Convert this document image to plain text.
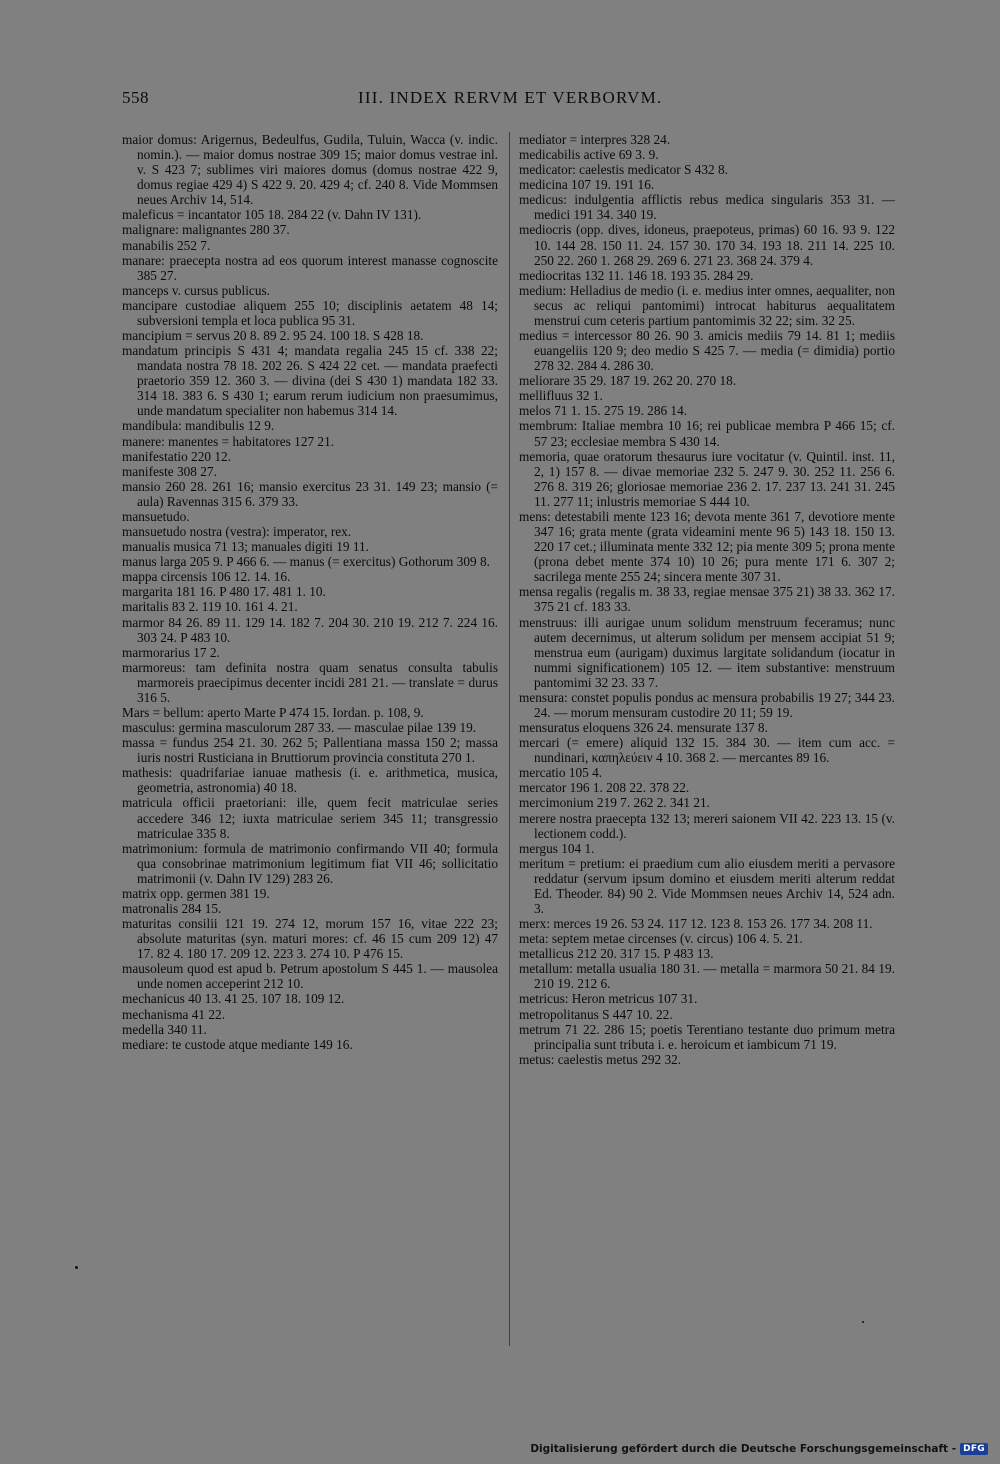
558	III. INDEX RERVM ET VERBORVM.

maior domus: Arigernus, Bedeulfus, Gudila, Tuluin, Wacca (v. indic. nomin.). — maior domus nostrae 309 15; maior domus vestrae inl. v. S 423 7; sublimes viri maiores domus (domus nostrae 422 9, domus regiae 429 4) S 422 9. 20. 429 4; cf. 240 8. Vide Mommsen neues Archiv 14, 514.

maleficus = incantator 105 18. 284 22 (v. Dahn IV 131).

malignare: malignantes 280 37.

manabilis 252 7.

manare: praecepta nostra ad eos quorum interest manasse cognoscite 385 27.

manceps v. cursus publicus.

mancipare custodiae aliquem 255 10; disciplinis aetatem 48 14; subversioni templa et loca publica 95 31.

mancipium = servus 20 8. 89 2. 95 24. 100 18. S 428 18.

mandatum principis S 431 4; mandata regalia 245 15 cf. 338 22; mandata nostra 78 18. 202 26. S 424 22 cet. — mandata praefecti praetorio 359 12. 360 3. — divina (dei S 430 1) mandata 182 33. 314 18. 383 6. S 430 1; earum rerum iudicium non praesumimus, unde mandatum specialiter non habemus 314 14.

mandibula: mandibulis 12 9.

manere: manentes = habitatores 127 21.

manifestatio 220 12.

manifeste 308 27.

mansio 260 28. 261 16; mansio exercitus 23 31. 149 23; mansio (= aula) Ravennas 315 6. 379 33.

mansuetudo.

mansuetudo nostra (vestra): imperator, rex.

manualis musica 71 13; manuales digiti 19 11.

manus larga 205 9. P 466 6. — manus (= exercitus) Gothorum 309 8.

mappa circensis 106 12. 14. 16.

margarita 181 16. P 480 17. 481 1. 10.

maritalis 83 2. 119 10. 161 4. 21.

marmor 84 26. 89 11. 129 14. 182 7. 204 30. 210 19. 212 7. 224 16. 303 24. P 483 10.

marmorarius 17 2.

marmoreus: tam definita nostra quam senatus consulta tabulis marmoreis praecipimus decenter incidi 281 21. — translate = durus 316 5.

Mars = bellum: aperto Marte P 474 15. Iordan. p. 108, 9.

masculus: germina masculorum 287 33. — masculae pilae 139 19.

massa = fundus 254 21. 30. 262 5; Pallentiana massa 150 2; massa iuris nostri Rusticiana in Bruttiorum provincia constituta 270 1.

mathesis: quadrifariae ianuae mathesis (i. e. arithmetica, musica, geometria, astronomia) 40 18.

matricula officii praetoriani: ille, quem fecit matriculae series accedere 346 12; iuxta matriculae seriem 345 11; transgressio matriculae 335 8.

matrimonium: formula de matrimonio confirmando VII 40; formula qua consobrinae matrimonium legitimum fiat VII 46; sollicitatio matrimonii (v. Dahn IV 129) 283 26.

matrix opp. germen 381 19.

matronalis 284 15.

maturitas consilii 121 19. 274 12, morum 157 16, vitae 222 23; absolute maturitas (syn. maturi mores: cf. 46 15 cum 209 12) 47 17. 82 4. 180 17. 209 12. 223 3. 274 10. P 476 15.

mausoleum quod est apud b. Petrum apostolum S 445 1. — mausolea unde nomen acceperint 212 10.

mechanicus 40 13. 41 25. 107 18. 109 12.

mechanisma 41 22.

medella 340 11.

mediare: te custode atque mediante 149 16.

mediator = interpres 328 24.

medicabilis active 69 3. 9.

medicator: caelestis medicator S 432 8.

medicina 107 19. 191 16.

medicus: indulgentia afflictis rebus medica singularis 353 31. — medici 191 34. 340 19.

mediocris (opp. dives, idoneus, praepoteus, primas) 60 16. 93 9. 122 10. 144 28. 150 11. 24. 157 30. 170 34. 193 18. 211 14. 225 10. 250 22. 260 1. 268 29. 269 6. 271 23. 368 24. 379 4.

mediocritas 132 11. 146 18. 193 35. 284 29.

medium: Helladius de medio (i. e. medius inter omnes, aequaliter, non secus ac reliqui pantomimi) introcat habiturus aequalitatem menstrui cum ceteris partium pantomimis 32 22; sim. 32 25.

medius = intercessor 80 26. 90 3. amicis mediis 79 14. 81 1; mediis euangeliis 120 9; deo medio S 425 7. — media (= dimidia) portio 278 32. 284 4. 286 30.

meliorare 35 29. 187 19. 262 20. 270 18.

mellifluus 32 1.

melos 71 1. 15. 275 19. 286 14.

membrum: Italiae membra 10 16; rei publicae membra P 466 15; cf. 57 23; ecclesiae membra S 430 14.

memoria, quae oratorum thesaurus iure vocitatur (v. Quintil. inst. 11, 2, 1) 157 8. — divae memoriae 232 5. 247 9. 30. 252 11. 256 6. 276 8. 319 26; gloriosae memoriae 236 2. 17. 237 13. 241 31. 245 11. 277 11; inlustris memoriae S 444 10.

mens: detestabili mente 123 16; devota mente 361 7, devotiore mente 347 16; grata mente (grata videamini mente 96 5) 143 18. 150 13. 220 17 cet.; illuminata mente 332 12; pia mente 309 5; prona mente (prona debet mente 374 10) 10 26; pura mente 171 6. 307 2; sacrilega mente 255 24; sincera mente 307 31.

mensa regalis (regalis m. 38 33, regiae mensae 375 21) 38 33. 362 17. 375 21 cf. 183 33.

menstruus: illi aurigae unum solidum menstruum feceramus; nunc autem decernimus, ut alterum solidum per mensem accipiat 51 9; menstrua eum (aurigam) duximus largitate solidandum (iocatur in nummi significationem) 105 12. — item substantive: menstruum pantomimi 32 23. 33 7.

mensura: constet populis pondus ac mensura probabilis 19 27; 344 23. 24. — morum mensuram custodire 20 11; 59 19.

mensuratus eloquens 326 24. mensurate 137 8.

mercari (= emere) aliquid 132 15. 384 30. — item cum acc. = nundinari, καπηλεύειν 4 10. 368 2. — mercantes 89 16.

mercatio 105 4.

mercator 196 1. 208 22. 378 22.

mercimonium 219 7. 262 2. 341 21.

merere nostra praecepta 132 13; mereri saionem VII 42. 223 13. 15 (v. lectionem codd.).

mergus 104 1.

meritum = pretium: ei praedium cum alio eiusdem meriti a pervasore reddatur (servum ipsum domino et eiusdem meriti alterum reddat Ed. Theoder. 84) 90 2. Vide Mommsen neues Archiv 14, 524 adn. 3.

merx: merces 19 26. 53 24. 117 12. 123 8. 153 26. 177 34. 208 11.

meta: septem metae circenses (v. circus) 106 4. 5. 21.

metallicus 212 20. 317 15. P 483 13.

metallum: metalla usualia 180 31. — metalla = marmora 50 21. 84 19. 210 19. 212 6.

metricus: Heron metricus 107 31.

metropolitanus S 447 10. 22.

metrum 71 22. 286 15; poetis Terentiano testante duo primum metra principalia sunt tributa i. e. heroicum et iambicum 71 19.

metus: caelestis metus 292 32.

Digitalisierung gefördert durch die Deutsche Forschungsgemeinschaft - DFG
